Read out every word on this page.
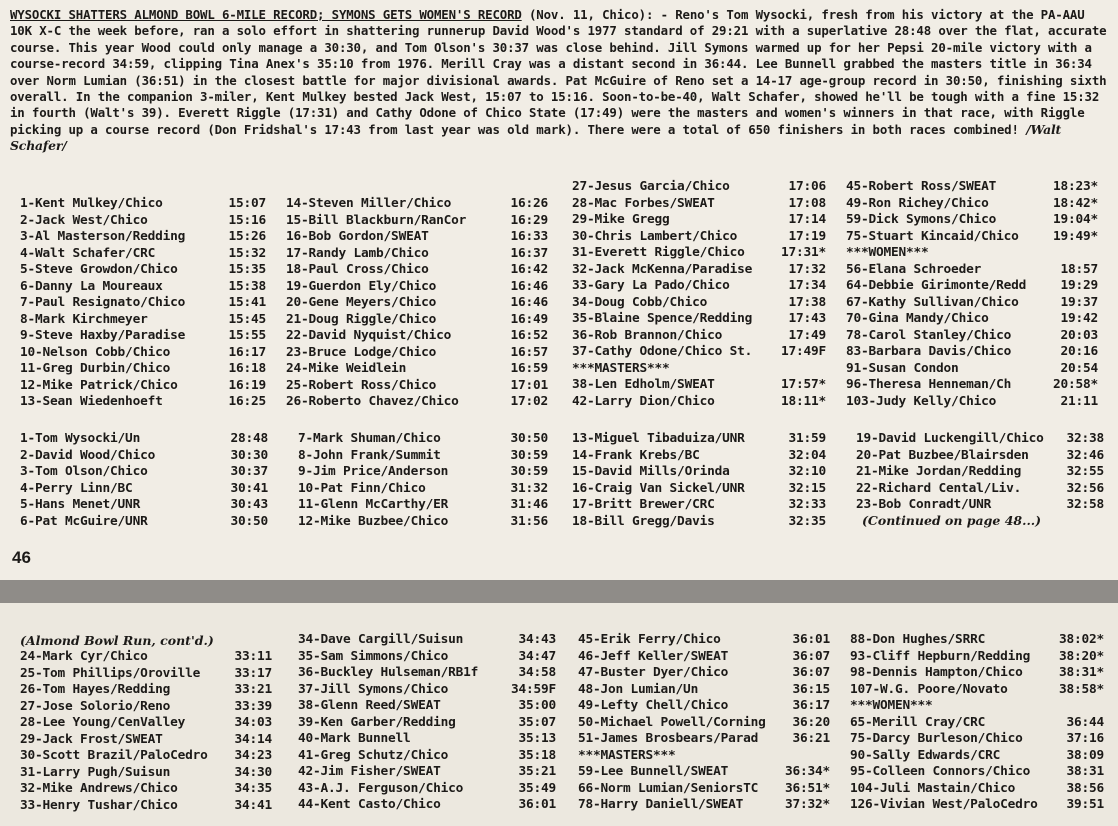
WYSOCKI SHATTERS ALMOND BOWL 6-MILE RECORD; SYMONS GETS WOMEN'S RECORD (Nov. 11, Chico): - Reno's Tom Wysocki, fresh from his victory at the PA-AAU 10K X-C the week before, ran a solo effort in shattering runnerup David Wood's 1977 standard of 29:21 with a superlative 28:48 over the flat, accurate course. This year Wood could only manage a 30:30, and Tom Olson's 30:37 was close behind. Jill Symons warmed up for her Pepsi 20-mile victory with a course-record 34:59, clipping Tina Anex's 35:10 from 1976. Merill Cray was a distant second in 36:44. Lee Bunnell grabbed the masters title in 36:34 over Norm Lumian (36:51) in the closest battle for major divisional awards. Pat McGuire of Reno set a 14-17 age-group record in 30:50, finishing sixth overall. In the companion 3-miler, Kent Mulkey bested Jack West, 15:07 to 15:16. Soon-to-be-40, Walt Schafer, showed he'll be tough with a fine 15:32 in fourth (Walt's 39). Everett Riggle (17:31) and Cathy Odone of Chico State (17:49) were the masters and women's winners in that race, with Riggle picking up a course record (Don Fridshal's 17:43 from last year was old mark). There were a total of 650 finishers in both races combined! /Walt Schafer/
1-Kent Mulkey/Chico	15:07
2-Jack West/Chico	15:16
3-Al Masterson/Redding	15:26
4-Walt Schafer/CRC	15:32
5-Steve Growdon/Chico	15:35
6-Danny La Moureaux	15:38
7-Paul Resignato/Chico	15:41
8-Mark Kirchmeyer	15:45
9-Steve Haxby/Paradise	15:55
10-Nelson Cobb/Chico	16:17
11-Greg Durbin/Chico	16:18
12-Mike Patrick/Chico	16:19
13-Sean Wiedenhoeft	16:25
14-Steven Miller/Chico	16:26
15-Bill Blackburn/RanCor	16:29
16-Bob Gordon/SWEAT	16:33
17-Randy Lamb/Chico	16:37
18-Paul Cross/Chico	16:42
19-Guerdon Ely/Chico	16:46
20-Gene Meyers/Chico	16:46
21-Doug Riggle/Chico	16:49
22-David Nyquist/Chico	16:52
23-Bruce Lodge/Chico	16:57
24-Mike Weidlein	16:59
25-Robert Ross/Chico	17:01
26-Roberto Chavez/Chico	17:02
27-Jesus Garcia/Chico	17:06
28-Mac Forbes/SWEAT	17:08
29-Mike Gregg	17:14
30-Chris Lambert/Chico	17:19
31-Everett Riggle/Chico	17:31*
32-Jack McKenna/Paradise	17:32
33-Gary La Pado/Chico	17:34
34-Doug Cobb/Chico	17:38
35-Blaine Spence/Redding	17:43
36-Rob Brannon/Chico	17:49
37-Cathy Odone/Chico St. 17:49F
***MASTERS***
38-Len Edholm/SWEAT	17:57*
42-Larry Dion/Chico	18:11*
45-Robert Ross/SWEAT	18:23*
49-Ron Richey/Chico	18:42*
59-Dick Symons/Chico	19:04*
75-Stuart Kincaid/Chico	19:49*
***WOMEN***
56-Elana Schroeder	18:57
64-Debbie Girimonte/Redd	19:29
67-Kathy Sullivan/Chico	19:37
70-Gina Mandy/Chico	19:42
78-Carol Stanley/Chico	20:03
83-Barbara Davis/Chico	20:16
91-Susan Condon	20:54
96-Theresa Henneman/Ch	20:58*
103-Judy Kelly/Chico	21:11
1-Tom Wysocki/Un	28:48
2-David Wood/Chico	30:30
3-Tom Olson/Chico	30:37
4-Perry Linn/BC	30:41
5-Hans Menet/UNR	30:43
6-Pat McGuire/UNR	30:50
7-Mark Shuman/Chico	30:50
8-John Frank/Summit	30:59
9-Jim Price/Anderson	30:59
10-Pat Finn/Chico	31:32
11-Glenn McCarthy/ER	31:46
12-Mike Buzbee/Chico	31:56
13-Miguel Tibaduiza/UNR	31:59
14-Frank Krebs/BC	32:04
15-David Mills/Orinda	32:10
16-Craig Van Sickel/UNR	32:15
17-Britt Brewer/CRC	32:33
18-Bill Gregg/Davis	32:35
19-David Luckengill/Chico 32:38
20-Pat Buzbee/Blairsden	32:46
21-Mike Jordan/Redding	32:55
22-Richard Cental/Liv.	32:56
23-Bob Conradt/UNR	32:58
(Continued on page 48...)
46
(Almond Bowl Run, cont'd.)
24-Mark Cyr/Chico	33:11
25-Tom Phillips/Oroville	33:17
26-Tom Hayes/Redding	33:21
27-Jose Solorio/Reno	33:39
28-Lee Young/CenValley	34:03
29-Jack Frost/SWEAT	34:14
30-Scott Brazil/PaloCedro 34:23
31-Larry Pugh/Suisun	34:30
32-Mike Andrews/Chico	34:35
33-Henry Tushar/Chico	34:41
34-Dave Cargill/Suisun	34:43
35-Sam Simmons/Chico	34:47
36-Buckley Hulseman/RB1f	34:58
37-Jill Symons/Chico	34:59F
38-Glenn Reed/SWEAT	35:00
39-Ken Garber/Redding	35:07
40-Mark Bunnell	35:13
41-Greg Schutz/Chico	35:18
42-Jim Fisher/SWEAT	35:21
43-A.J. Ferguson/Chico	35:49
44-Kent Casto/Chico	36:01
45-Erik Ferry/Chico	36:01
46-Jeff Keller/SWEAT	36:07
47-Buster Dyer/Chico	36:07
48-Jon Lumian/Un	36:15
49-Lefty Chell/Chico	36:17
50-Michael Powell/Corning 36:20
51-James Brosbears/Parad	36:21
***MASTERS***
59-Lee Bunnell/SWEAT	36:34*
66-Norm Lumian/SeniorsTC 36:51*
78-Harry Daniell/SWEAT	37:32*
88-Don Hughes/SRRC	38:02*
93-Cliff Hepburn/Redding 38:20*
98-Dennis Hampton/Chico	38:31*
107-W.G. Poore/Novato	38:58*
***WOMEN***
65-Merill Cray/CRC	36:44
75-Darcy Burleson/Chico	37:16
90-Sally Edwards/CRC	38:09
95-Colleen Connors/Chico	38:31
104-Juli Mastain/Chico	38:56
126-Vivian West/PaloCedro 39:51
